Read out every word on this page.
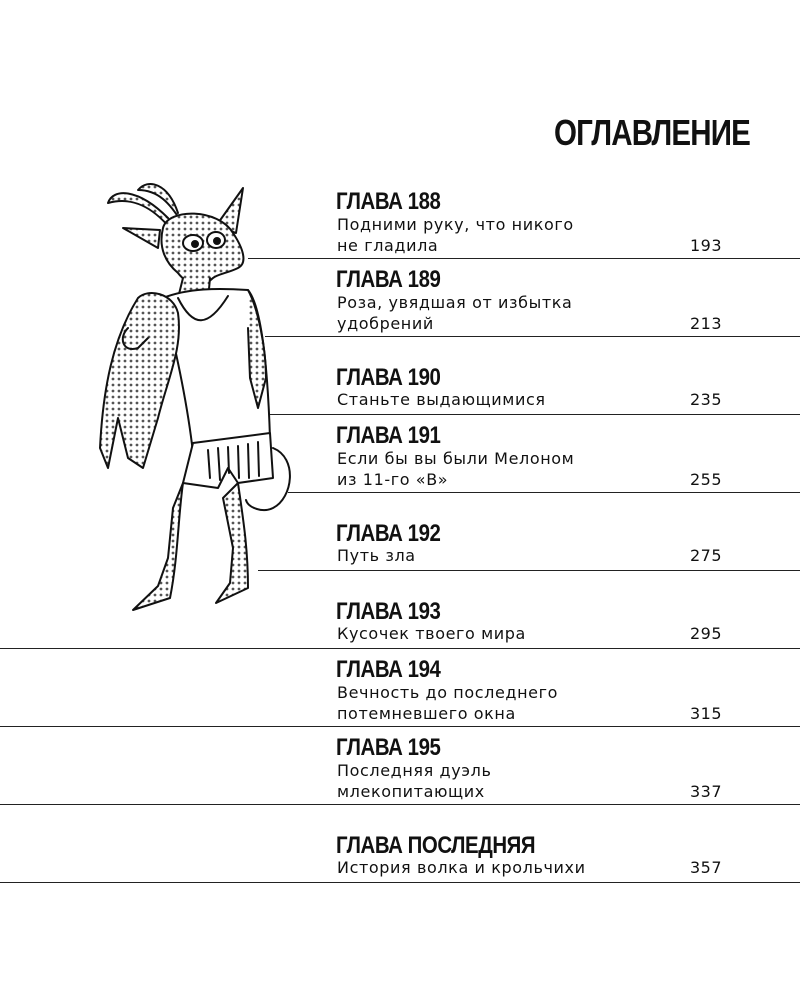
ОГЛАВЛЕНИЕ
ГЛАВА 188
Подними руку, что никого
не гладила	193
ГЛАВА 189
Роза, увядшая от избытка
удобрений	213
ГЛАВА 190
Станьте выдающимися	235
ГЛАВА 191
Если бы вы были Мелоном
из 11-го «В»	255
ГЛАВА 192
Путь зла	275
ГЛАВА 193
Кусочек твоего мира	295
ГЛАВА 194
Вечность до последнего
потемневшего окна	315
ГЛАВА 195
Последняя дуэль
млекопитающих	337
ГЛАВА ПОСЛЕДНЯЯ
История волка и крольчихи	357
